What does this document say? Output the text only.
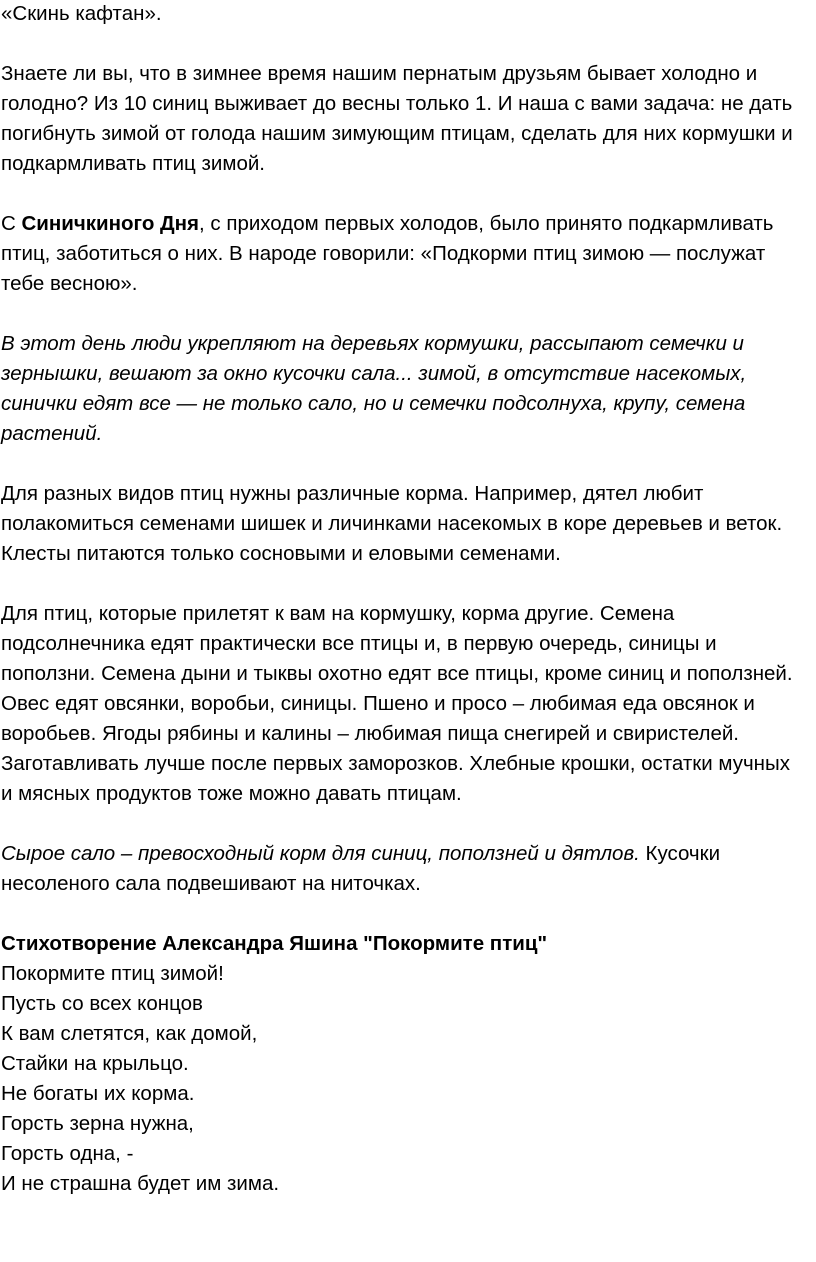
«Скинь кафтан».

Знаете ли вы, что в зимнее время нашим пернатым друзьям бывает холодно и голодно? Из 10 синиц выживает до весны только 1. И наша с вами задача: не дать погибнуть зимой от голода нашим зимующим птицам, сделать для них кормушки и подкармливать птиц зимой.

С Синичкиного Дня, с приходом первых холодов, было принято подкармливать птиц, заботиться о них. В народе говорили: «Подкорми птиц зимою — послужат тебе весною».

В этот день люди укрепляют на деревьях кормушки, рассыпают семечки и зернышки, вешают за окно кусочки сала... зимой, в отсутствие насекомых, синички едят все — не только сало, но и семечки подсолнуха, крупу, семена растений.

Для разных видов птиц нужны различные корма. Например, дятел любит полакомиться семенами шишек и личинками насекомых в коре деревьев и веток. Клесты питаются только сосновыми и еловыми семенами.

Для птиц, которые прилетят к вам на кормушку, корма другие. Семена подсолнечника едят практически все птицы и, в первую очередь, синицы и поползни. Семена дыни и тыквы охотно едят все птицы, кроме синиц и поползней. Овес едят овсянки, воробьи, синицы. Пшено и просо – любимая еда овсянок и воробьев. Ягоды рябины и калины – любимая пища снегирей и свиристелей. Заготавливать лучше после первых заморозков. Хлебные крошки, остатки мучных и мясных продуктов тоже можно давать птицам.

Сырое сало – превосходный корм для синиц, поползней и дятлов. Кусочки несоленого сала подвешивают на ниточках.

Стихотворение Александра Яшина "Покормите птиц"

Покормите птиц зимой!

Пусть со всех концов

К вам слетятся, как домой,

Стайки на крыльцо.

Не богаты их корма.

Горсть зерна нужна,

Горсть одна, -

И не страшна будет им зима.
